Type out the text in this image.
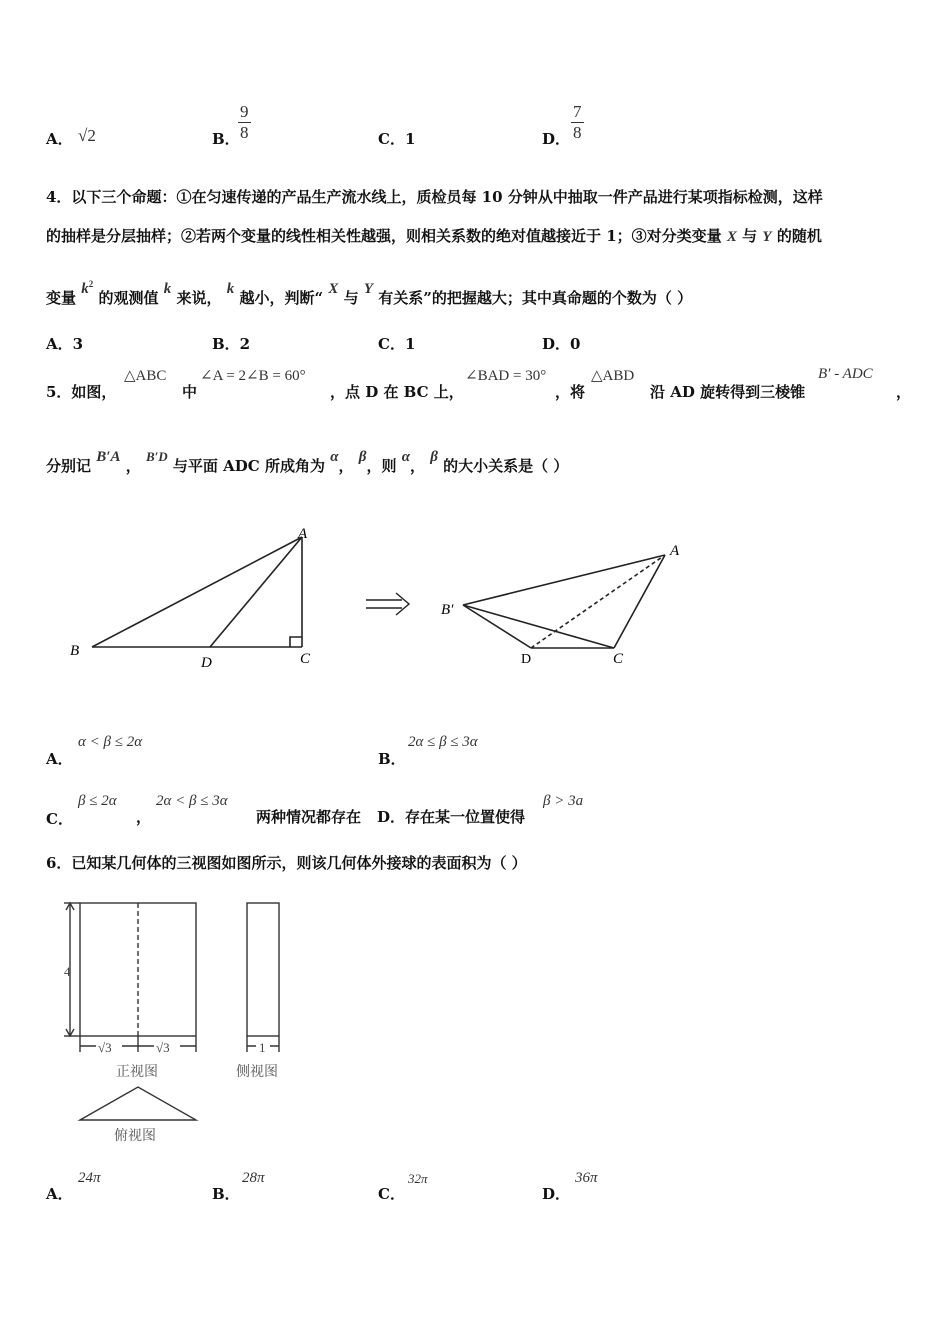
A． √2	B．
$\frac{9}{8}$	C．1	D． $\frac{7}{8}$
4．以下三个命题：①在匀速传递的产品生产流水线上，质检员每 10 分钟从中抽取一件产品进行某项指标检测，这样
的抽样是分层抽样；②若两个变量的线性相关性越强，则相关系数的绝对值越接近于 1；③对分类变量 X 与 Y 的随机
变量 $k^2$ 的观测值 k 来说， k 越小，判断“ X 与 Y 有关系”的把握越大；其中真命题的个数为（ ）
A．3	B．2	C．1	D．0
5．如图，
△ABC
中
∠A = 2∠B = 60°
，点 D 在 BC 上，
∠BAD = 30°
，将
△ABD
沿 AD 旋转得到三棱锥
B′ - ADC
，
分别记 B′A ， B′D 与平面 ADC 所成角为 α， β，则 α， β 的大小关系是（ ）
A
B
D	C
A
B′
D	C
A．
α < β ≤ 2α
B．
2α ≤ β ≤ 3α
C．
β ≤ 2α
，
2α < β ≤ 3α
两种情况都存在 D．存在某一位置使得
β > 3a
6．已知某几何体的三视图如图所示，则该几何体外接球的表面积为（ ）
4
√3	√3
正视图
1
侧视图
俯视图
A．
24π
B．
28π
C．
32π
D．
36π
